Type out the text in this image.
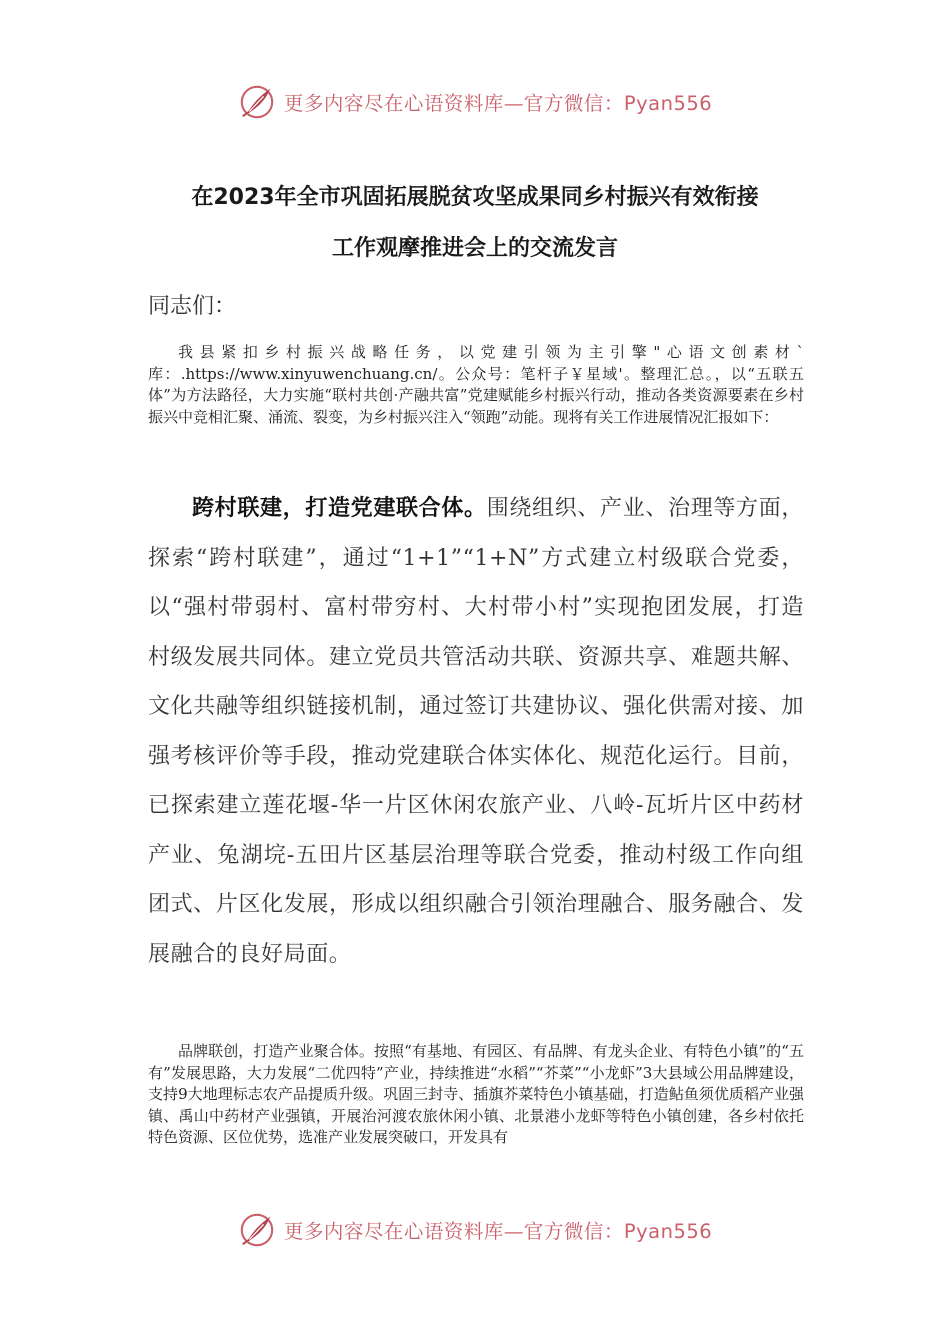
更多内容尽在心语资料库—官方微信：Pyan556
在2023年全市巩固拓展脱贫攻坚成果同乡村振兴有效衔接
工作观摩推进会上的交流发言
同志们：

我县紧扣乡村振兴战略任务，以党建引领为主引擎"心语文创素材`库：.https://www.xinyuwenchuang.cn/。公众号：笔杆子￥星域'。整理汇总。，以“五联五体”为方法路径，大力实施“联村共创·产融共富”党建赋能乡村振兴行动，推动各类资源要素在乡村振兴中竞相汇聚、涌流、裂变，为乡村振兴注入“领跑”动能。现将有关工作进展情况汇报如下：

跨村联建，打造党建联合体。围绕组织、产业、治理等方面，探索“跨村联建”，通过“1+1”“1+N”方式建立村级联合党委，以“强村带弱村、富村带穷村、大村带小村”实现抱团发展，打造村级发展共同体。建立党员共管活动共联、资源共享、难题共解、文化共融等组织链接机制，通过签订共建协议、强化供需对接、加强考核评价等手段，推动党建联合体实体化、规范化运行。目前，已探索建立莲花堰-华一片区休闲农旅产业、八岭-瓦圻片区中药材产业、兔湖垸-五田片区基层治理等联合党委，推动村级工作向组团式、片区化发展，形成以组织融合引领治理融合、服务融合、发展融合的良好局面。

品牌联创，打造产业聚合体。按照“有基地、有园区、有品牌、有龙头企业、有特色小镇”的“五有”发展思路，大力发展“二优四特”产业，持续推进“水稻”“芥菜”“小龙虾”3大县域公用品牌建设，支持9大地理标志农产品提质升级。巩固三封寺、插旗芥菜特色小镇基础，打造鲇鱼须优质稻产业强镇、禹山中药材产业强镇，开展治河渡农旅休闲小镇、北景港小龙虾等特色小镇创建，各乡村依托特色资源、区位优势，选准产业发展突破口，开发具有

更多内容尽在心语资料库—官方微信：Pyan556
